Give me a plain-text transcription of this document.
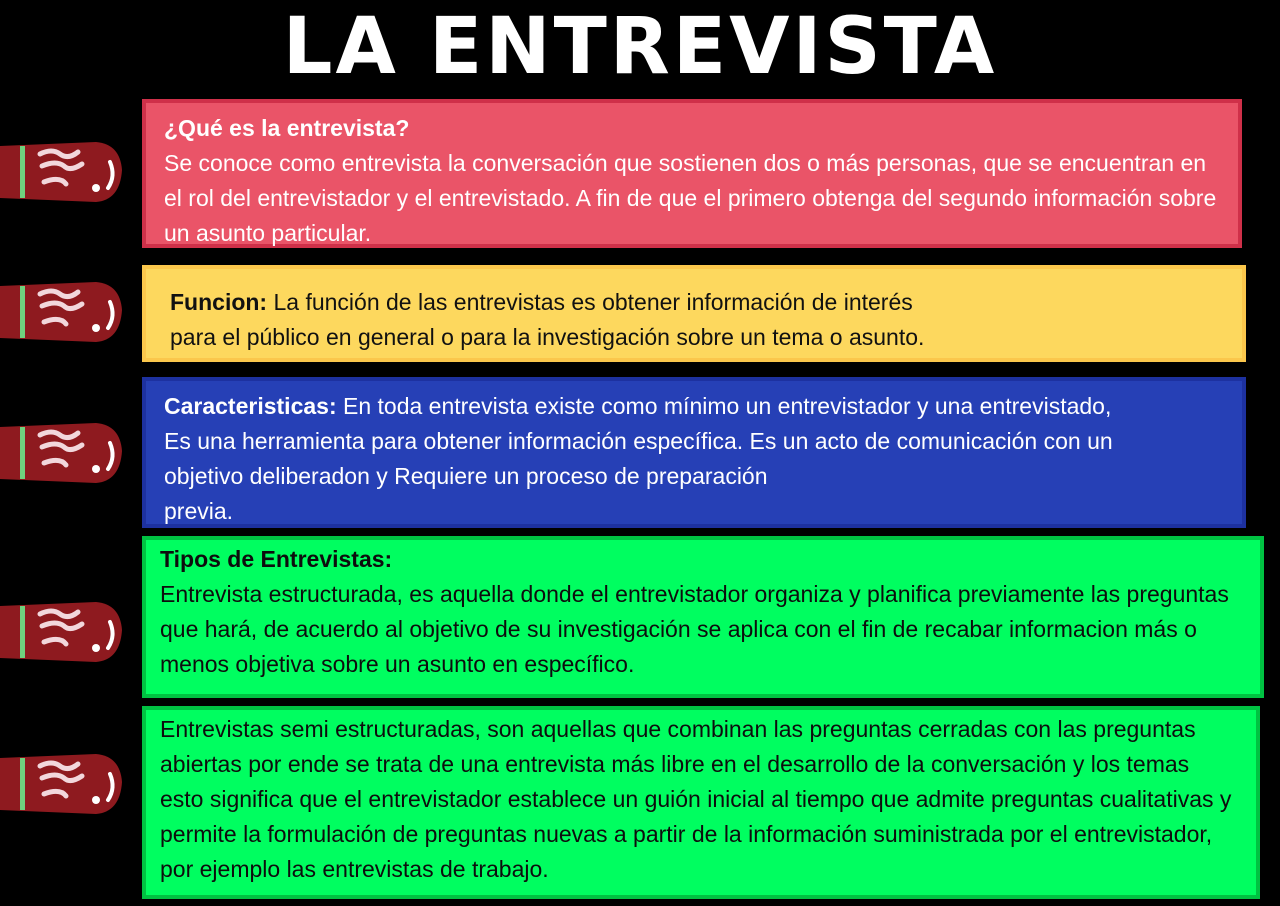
LA ENTREVISTA

¿Qué es la entrevista?

Se conoce como entrevista la conversación que sostienen dos o más personas, que se encuentran en el rol del entrevistador y el entrevistado. A fin de que el primero obtenga del segundo información sobre un asunto particular.

Funcion: La función de las entrevistas es obtener información de interés

para el público en general o para la investigación sobre un tema o asunto.

Caracteristicas: En toda entrevista existe como mínimo un entrevistador y una entrevistado,

Es una herramienta para obtener información específica. Es un acto de comunicación con un

objetivo deliberadon y Requiere un proceso de preparación

previa.

Tipos de Entrevistas:

Entrevista estructurada, es aquella donde el entrevistador organiza y planifica previamente las preguntas que hará, de acuerdo al objetivo de su investigación se aplica con el fin de recabar informacion más o menos objetiva sobre un asunto en específico.

Entrevistas semi estructuradas, son aquellas que combinan las preguntas cerradas con las preguntas abiertas por ende se trata de una entrevista más libre en el desarrollo de la conversación y los temas esto significa que el entrevistador establece un guión inicial al tiempo que admite preguntas cualitativas y permite la formulación de preguntas nuevas a partir de la información suministrada por el entrevistador, por ejemplo las entrevistas de trabajo.
